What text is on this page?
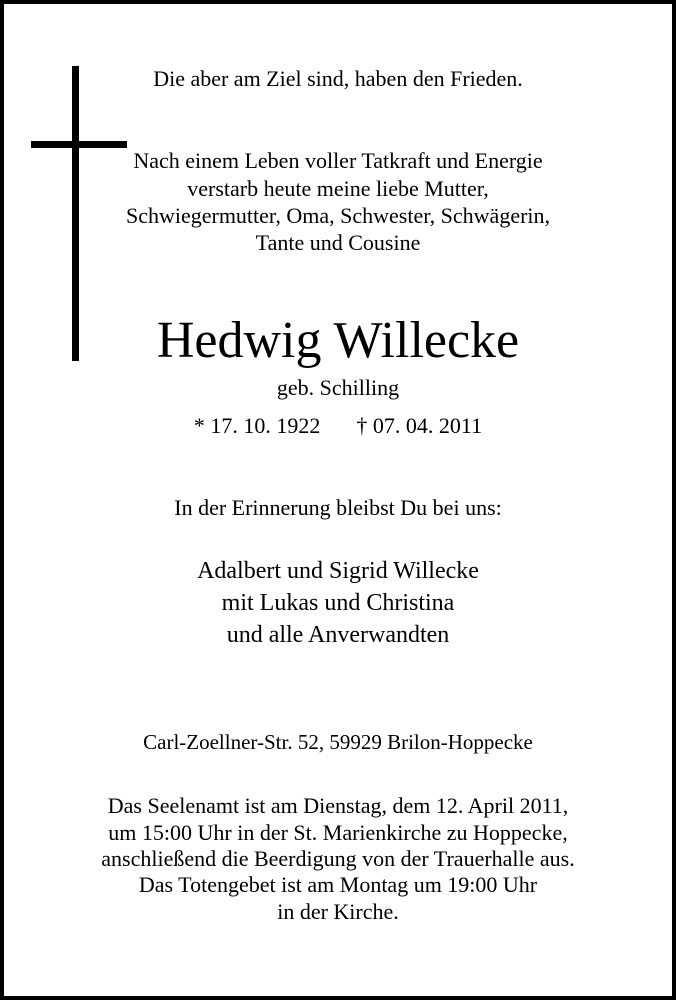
Die aber am Ziel sind, haben den Frieden.
Nach einem Leben voller Tatkraft und Energie
verstarb heute meine liebe Mutter,
Schwiegermutter, Oma, Schwester, Schwägerin,
Tante und Cousine
Hedwig Willecke
geb. Schilling
* 17. 10. 1922 † 07. 04. 2011
In der Erinnerung bleibst Du bei uns:
Adalbert und Sigrid Willecke
mit Lukas und Christina
und alle Anverwandten
Carl-Zoellner-Str. 52, 59929 Brilon-Hoppecke
Das Seelenamt ist am Dienstag, dem 12. April 2011,
um 15:00 Uhr in der St. Marienkirche zu Hoppecke,
anschließend die Beerdigung von der Trauerhalle aus.
Das Totengebet ist am Montag um 19:00 Uhr
in der Kirche.
